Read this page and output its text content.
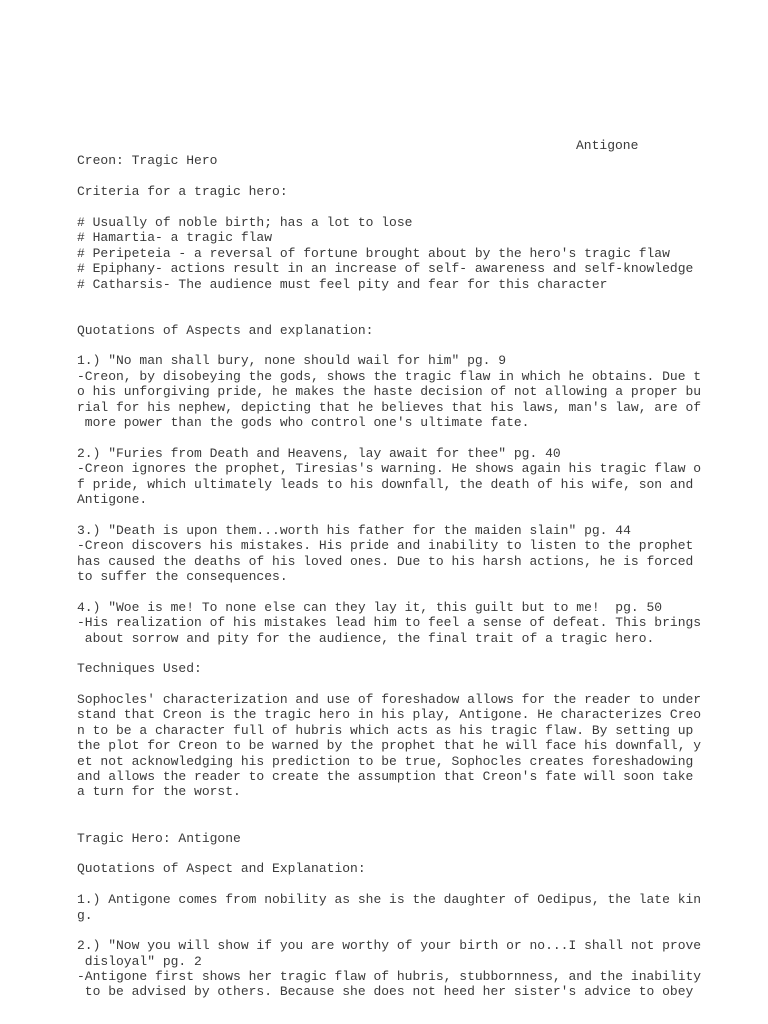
Antigone
Creon: Tragic Hero
Criteria for a tragic hero:
# Usually of noble birth; has a lot to lose
# Hamartia- a tragic flaw
# Peripeteia - a reversal of fortune brought about by the hero's tragic flaw
# Epiphany- actions result in an increase of self- awareness and self-knowledge
# Catharsis- The audience must feel pity and fear for this character
Quotations of Aspects and explanation:
1.) "No man shall bury, none should wail for him" pg. 9
-Creon, by disobeying the gods, shows the tragic flaw in which he obtains. Due t
o his unforgiving pride, he makes the haste decision of not allowing a proper bu
rial for his nephew, depicting that he believes that his laws, man's law, are of
more power than the gods who control one's ultimate fate.
2.) "Furies from Death and Heavens, lay await for thee" pg. 40
-Creon ignores the prophet, Tiresias's warning. He shows again his tragic flaw o
f pride, which ultimately leads to his downfall, the death of his wife, son and
Antigone.
3.) "Death is upon them...worth his father for the maiden slain" pg. 44
-Creon discovers his mistakes. His pride and inability to listen to the prophet
has caused the deaths of his loved ones. Due to his harsh actions, he is forced
to suffer the consequences.
4.) "Woe is me! To none else can they lay it, this guilt but to me!  pg. 50
-His realization of his mistakes lead him to feel a sense of defeat. This brings
about sorrow and pity for the audience, the final trait of a tragic hero.
Techniques Used:
Sophocles' characterization and use of foreshadow allows for the reader to under
stand that Creon is the tragic hero in his play, Antigone. He characterizes Creo
n to be a character full of hubris which acts as his tragic flaw. By setting up
the plot for Creon to be warned by the prophet that he will face his downfall, y
et not acknowledging his prediction to be true, Sophocles creates foreshadowing
and allows the reader to create the assumption that Creon's fate will soon take
a turn for the worst.
Tragic Hero: Antigone
Quotations of Aspect and Explanation:
1.) Antigone comes from nobility as she is the daughter of Oedipus, the late kin
g.
2.) "Now you will show if you are worthy of your birth or no...I shall not prove
disloyal" pg. 2
-Antigone first shows her tragic flaw of hubris, stubbornness, and the inability
to be advised by others. Because she does not heed her sister's advice to obey
